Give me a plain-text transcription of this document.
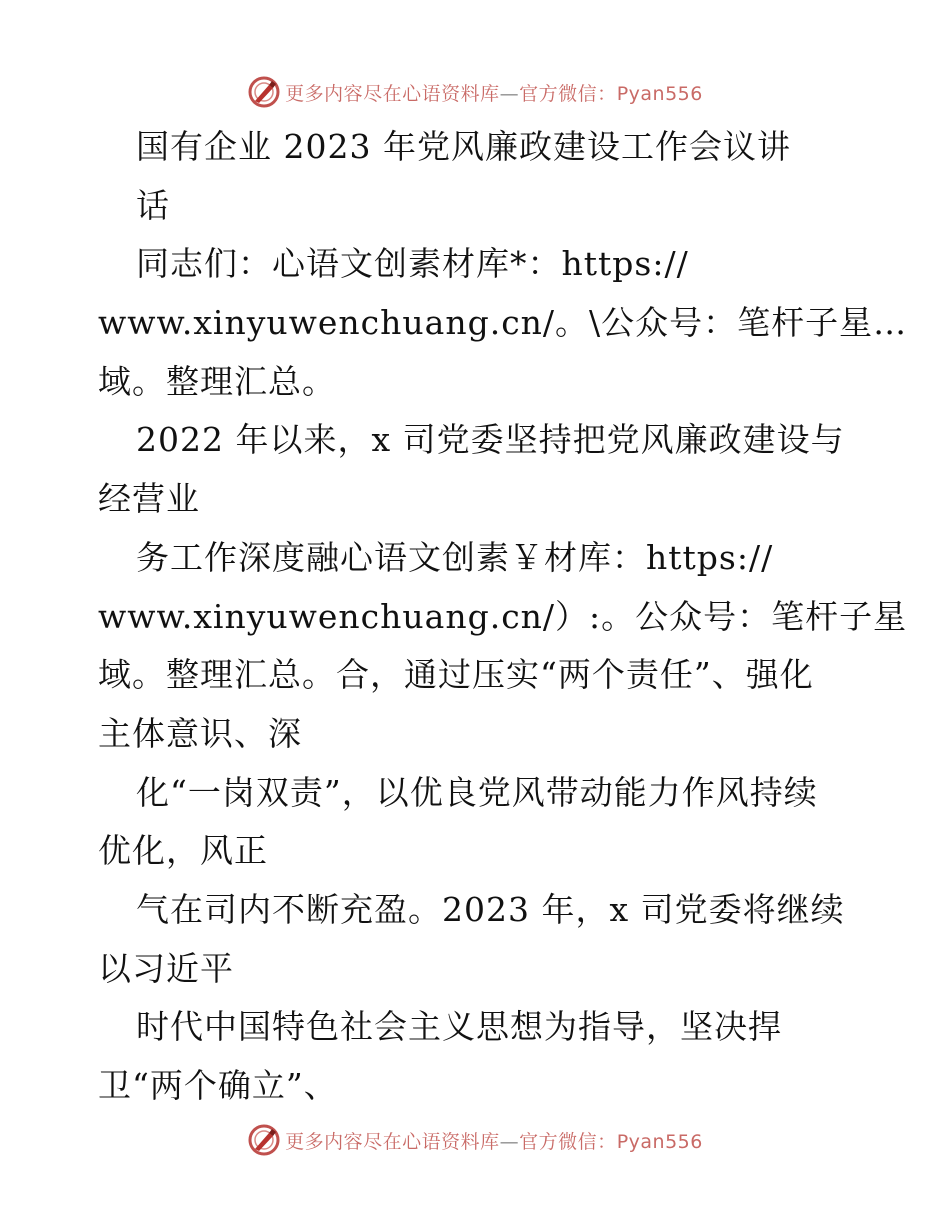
更多内容尽在心语资料库—官方微信：Pyan556
国有企业 2023 年党风廉政建设工作会议讲
话
同志们：心语文创素材库*：https://
www.xinyuwenchuang.cn/。\公众号：笔杆子星…
域。整理汇总。
2022 年以来，x 司党委坚持把党风廉政建设与
经营业
务工作深度融心语文创素￥材库：https://
www.xinyuwenchuang.cn/）:。公众号：笔杆子星
域。整理汇总。合，通过压实“两个责任”、强化
主体意识、深
化“一岗双责”，以优良党风带动能力作风持续
优化，风正
气在司内不断充盈。2023 年，x 司党委将继续
以习近平
时代中国特色社会主义思想为指导，坚决捍
卫“两个确立”、
更多内容尽在心语资料库—官方微信：Pyan556
